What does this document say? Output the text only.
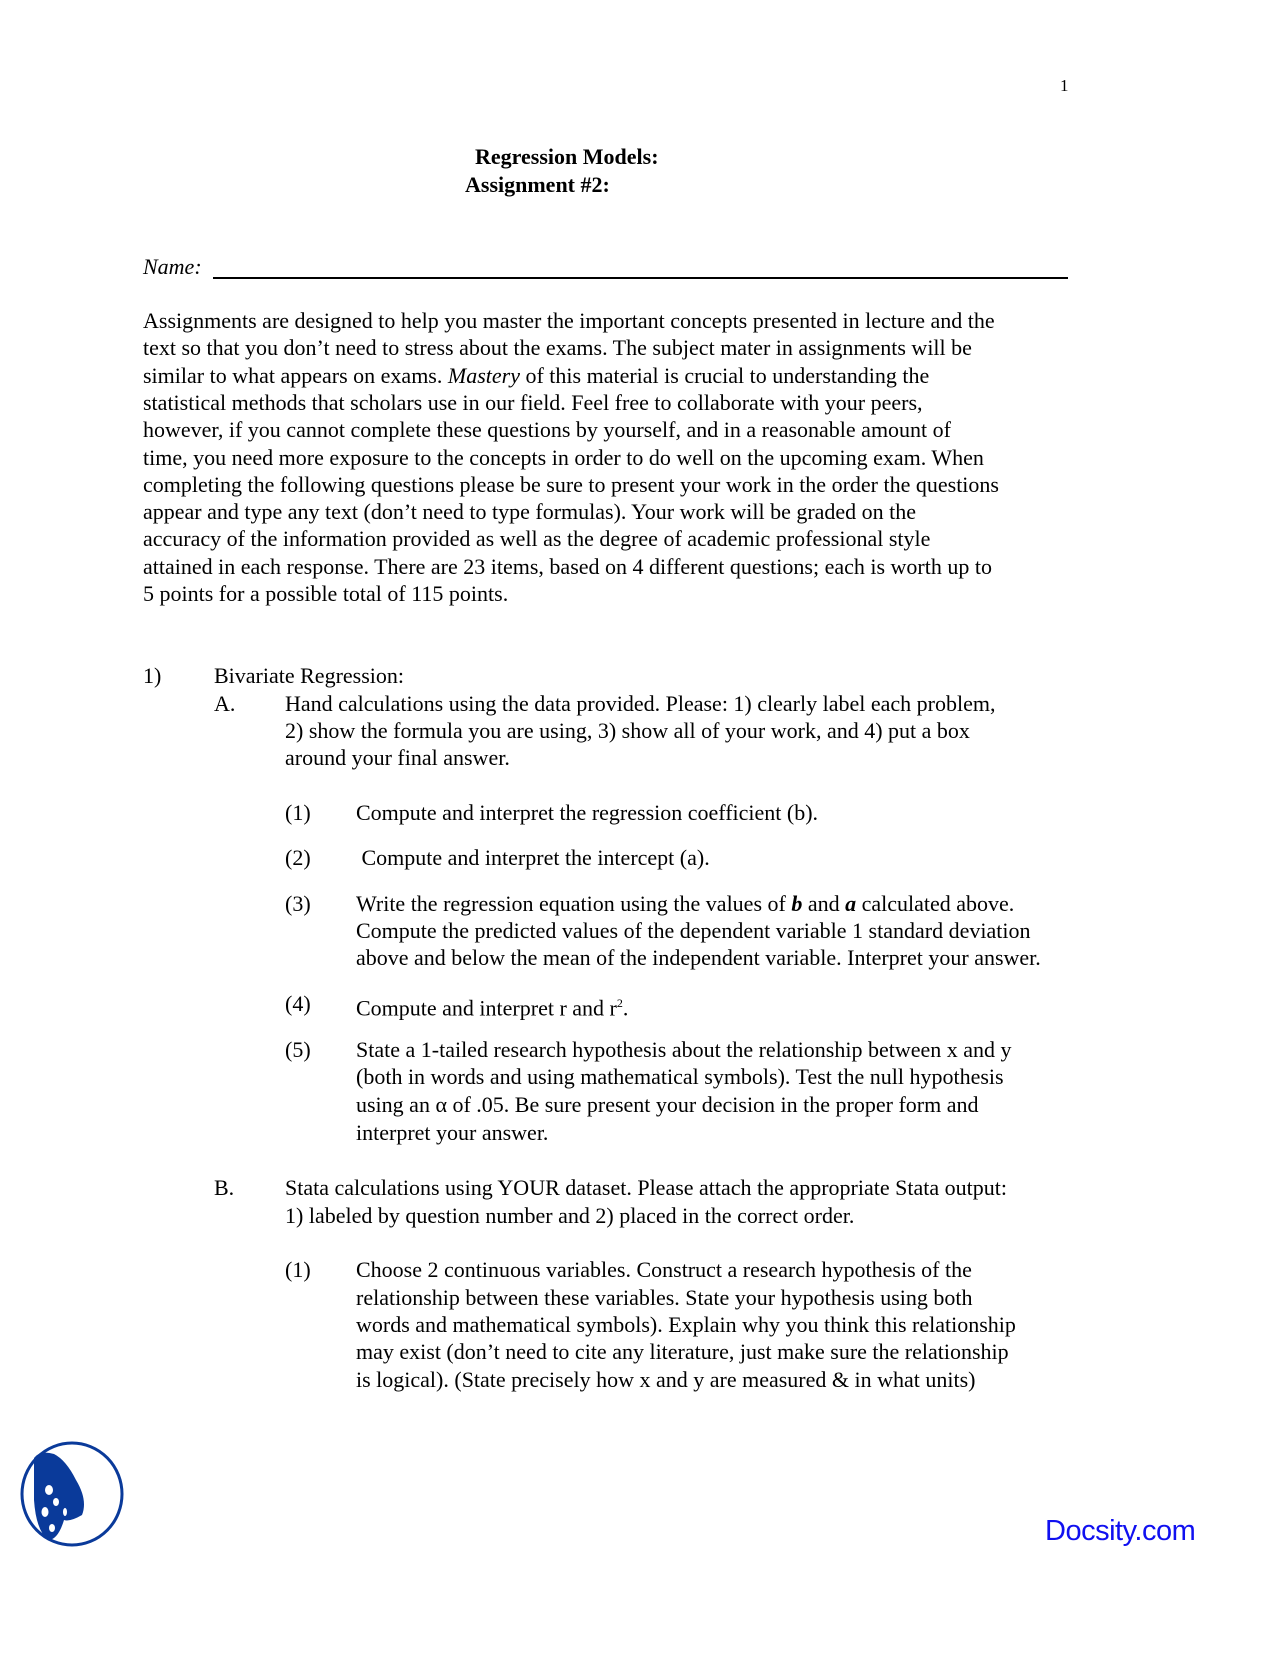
1
Regression Models:
Assignment #2:
Name:
Assignments are designed to help you master the important concepts presented in lecture and the
text so that you don’t need to stress about the exams. The subject mater in assignments will be
similar to what appears on exams. Mastery of this material is crucial to understanding the
statistical methods that scholars use in our field. Feel free to collaborate with your peers,
however, if you cannot complete these questions by yourself, and in a reasonable amount of
time, you need more exposure to the concepts in order to do well on the upcoming exam. When
completing the following questions please be sure to present your work in the order the questions
appear and type any text (don’t need to type formulas). Your work will be graded on the
accuracy of the information provided as well as the degree of academic professional style
attained in each response. There are 23 items, based on 4 different questions; each is worth up to
5 points for a possible total of 115 points.
1) Bivariate Regression:
A. Hand calculations using the data provided. Please: 1) clearly label each problem,
2) show the formula you are using, 3) show all of your work, and 4) put a box
around your final answer.
(1) Compute and interpret the regression coefficient (b).
(2) Compute and interpret the intercept (a).
(3) Write the regression equation using the values of b and a calculated above.
Compute the predicted values of the dependent variable 1 standard deviation
above and below the mean of the independent variable. Interpret your answer.
(4) Compute and interpret r and $r^2$.
(5) State a 1-tailed research hypothesis about the relationship between x and y
(both in words and using mathematical symbols). Test the null hypothesis
using an α of .05. Be sure present your decision in the proper form and
interpret your answer.
B. Stata calculations using YOUR dataset. Please attach the appropriate Stata output:
1) labeled by question number and 2) placed in the correct order.
(1) Choose 2 continuous variables. Construct a research hypothesis of the
relationship between these variables. State your hypothesis using both
words and mathematical symbols). Explain why you think this relationship
may exist (don’t need to cite any literature, just make sure the relationship
is logical). (State precisely how x and y are measured & in what units)
Docsity.com
